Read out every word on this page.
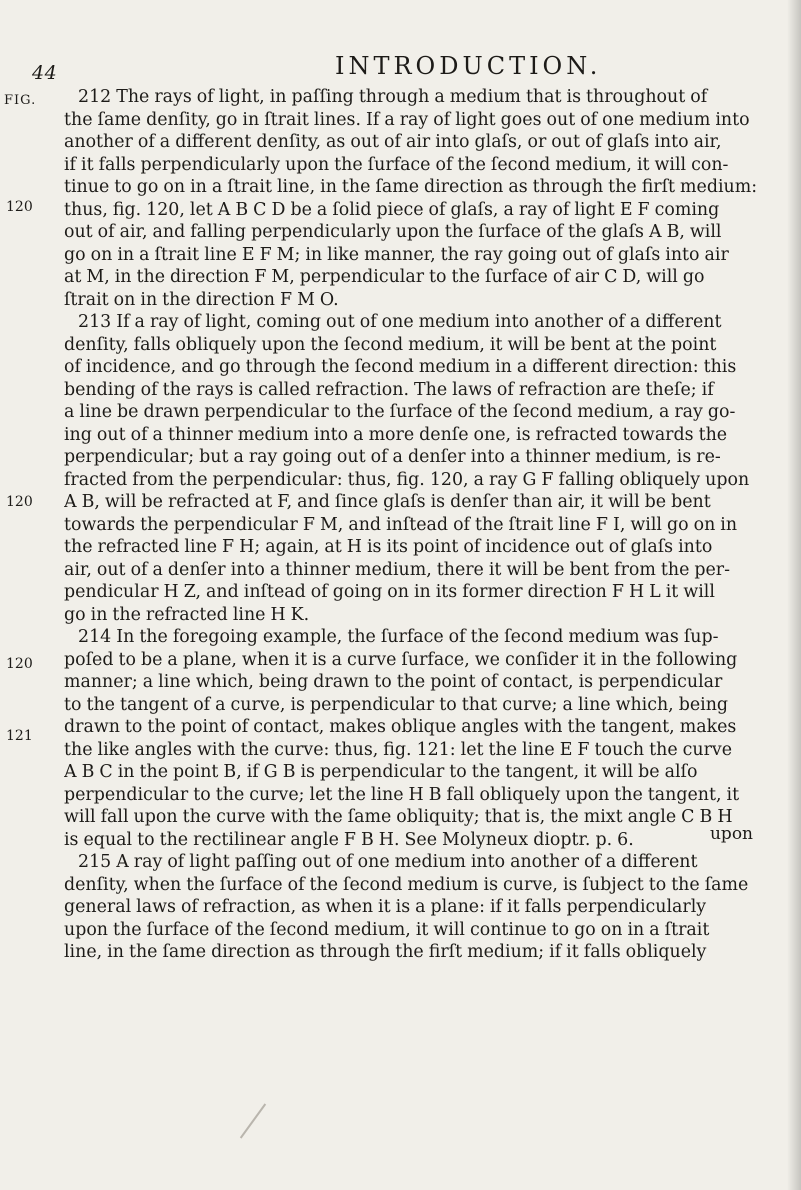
44	INTRODUCTION.
FIG.
120
120
120
121
212 The rays of light, in paſſing through a medium that is throughout of
the ſame denſity, go in ſtrait lines. If a ray of light goes out of one medium into
another of a different denſity, as out of air into glaſs, or out of glaſs into air,
if it falls perpendicularly upon the ſurface of the ſecond medium, it will con-
tinue to go on in a ſtrait line, in the ſame direction as through the firſt medium:
thus, fig. 120, let A B C D be a ſolid piece of glaſs, a ray of light E F coming
out of air, and falling perpendicularly upon the ſurface of the glaſs A B, will
go on in a ſtrait line E F M; in like manner, the ray going out of glaſs into air
at M, in the direction F M, perpendicular to the ſurface of air C D, will go
ſtrait on in the direction F M O.
213 If a ray of light, coming out of one medium into another of a different
denſity, falls obliquely upon the ſecond medium, it will be bent at the point
of incidence, and go through the ſecond medium in a different direction: this
bending of the rays is called refraction. The laws of refraction are theſe; if
a line be drawn perpendicular to the ſurface of the ſecond medium, a ray go-
ing out of a thinner medium into a more denſe one, is refracted towards the
perpendicular; but a ray going out of a denſer into a thinner medium, is re-
fracted from the perpendicular: thus, fig. 120, a ray G F falling obliquely upon
A B, will be refracted at F, and ſince glaſs is denſer than air, it will be bent
towards the perpendicular F M, and inſtead of the ſtrait line F I, will go on in
the refracted line F H; again, at H is its point of incidence out of glaſs into
air, out of a denſer into a thinner medium, there it will be bent from the per-
pendicular H Z, and inſtead of going on in its former direction F H L it will
go in the refracted line H K.
214 In the foregoing example, the ſurface of the ſecond medium was ſup-
poſed to be a plane, when it is a curve ſurface, we conſider it in the following
manner; a line which, being drawn to the point of contact, is perpendicular
to the tangent of a curve, is perpendicular to that curve; a line which, being
drawn to the point of contact, makes oblique angles with the tangent, makes
the like angles with the curve: thus, fig. 121: let the line E F touch the curve
A B C in the point B, if G B is perpendicular to the tangent, it will be alſo
perpendicular to the curve; let the line H B fall obliquely upon the tangent, it
will fall upon the curve with the ſame obliquity; that is, the mixt angle C B H
is equal to the rectilinear angle F B H. See Molyneux dioptr. p. 6.
215 A ray of light paſſing out of one medium into another of a different
denſity, when the ſurface of the ſecond medium is curve, is ſubject to the ſame
general laws of refraction, as when it is a plane: if it falls perpendicularly
upon the ſurface of the ſecond medium, it will continue to go on in a ſtrait
line, in the ſame direction as through the firſt medium; if it falls obliquely
upon
